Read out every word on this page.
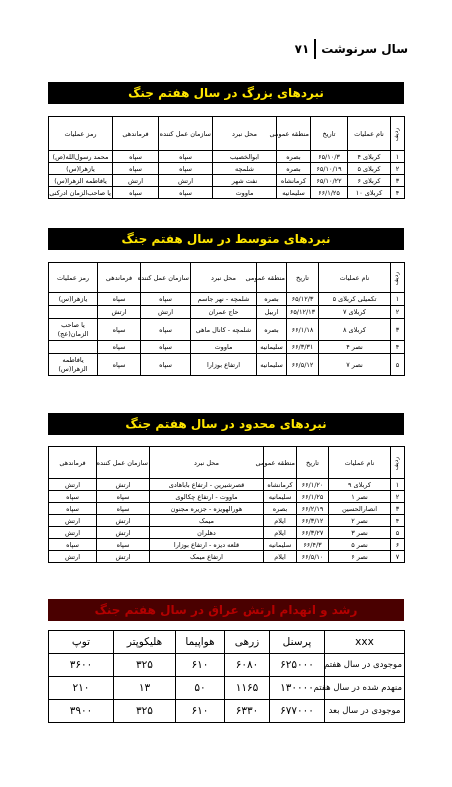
سال سرنوشت
۷۱
نبردهای بزرگ در سال هفتم جنگ
ردیف	نام عملیات	تاریخ	منطقه عمومی	محل نبرد	سازمان عمل کننده	فرماندهی	رمز عملیات
۱	کربلای ۴	۶۵/۱۰/۳	بصره	ابوالخصیب	سپاه	سپاه	محمد رسول‌الله(ص)
۲	کربلای ۵	۶۵/۱۰/۱۹	بصره	شلمچه	سپاه	سپاه	یازهرا(س)
۳	کربلای ۶	۶۵/۱۰/۲۲	کرمانشاه	نفت شهر	ارتش	ارتش	یافاطمه الزهرا(س)
۴	کربلای ۱۰	۶۶/۱/۲۵	سلیمانیه	ماووت	سپاه	سپاه	یا صاحب‌الزمان ادرکنی
نبردهای متوسط در سال هفتم جنگ
ردیف	نام عملیات	تاریخ	منطقه عمومی	محل نبرد	سازمان عمل کننده	فرماندهی	رمز عملیات
۱	تکمیلی کربلای ۵	۶۵/۱۲/۳	بصره	شلمچه - نهر جاسم	سپاه	سپاه	یازهرا(س)
۲	کربلای ۷	۶۵/۱۲/۱۳	اربیل	حاج عمران	ارتش	ارتش	
۳	کربلای ۸	۶۶/۱/۱۸	بصره	شلمچه - کانال ماهی	سپاه	سپاه	یا صاحب الزمان(عج)
۴	نصر ۴	۶۶/۳/۳۱	سلیمانیه	ماووت	سپاه	سپاه	
۵	نصر ۷	۶۶/۵/۱۲	سلیمانیه	ارتفاع بوزارا	سپاه	سپاه	یافاطمه الزهرا(س)
نبردهای محدود در سال هفتم جنگ
ردیف	نام عملیات	تاریخ	منطقه عمومی	محل نبرد	سازمان عمل کننده	فرماندهی
۱	کربلای ۹	۶۶/۱/۲۰	کرمانشاه	قصرشیرین - ارتفاع باباهادی	ارتش	ارتش
۲	نصر ۱	۶۶/۱/۲۵	سلیمانیه	ماووت - ارتفاع چکالوی	سپاه	سپاه
۳	انصارالحسین	۶۶/۲/۱۹	بصره	هورالهویزه - جزیره مجنون	سپاه	سپاه
۴	نصر ۲	۶۶/۳/۱۲	ایلام	میمک	ارتش	ارتش
۵	نصر ۳	۶۶/۳/۲۷	ایلام	دهلران	ارتش	ارتش
۶	نصر ۵	۶۶/۴/۳	سلیمانیه	قلعه دیزه - ارتفاع بوزارا	سپاه	سپاه
۷	نصر ۶	۶۶/۵/۱۰	ایلام	ارتفاع میمک	ارتش	ارتش
رشد و انهدام ارتش عراق در سال هفتم جنگ
xxx	پرسنل	زرهی	هواپیما	هلیکوپتر	توپ
موجودی در سال هفتم	۶۲۵۰۰۰	۶۰۸۰	۶۱۰	۳۲۵	۳۶۰۰
منهدم شده در سال هفتم	۱۳۰۰۰۰	۱۱۶۵	۵۰	۱۳	۲۱۰
موجودی در سال بعد	۶۷۷۰۰۰	۶۳۳۰	۶۱۰	۳۲۵	۳۹۰۰
